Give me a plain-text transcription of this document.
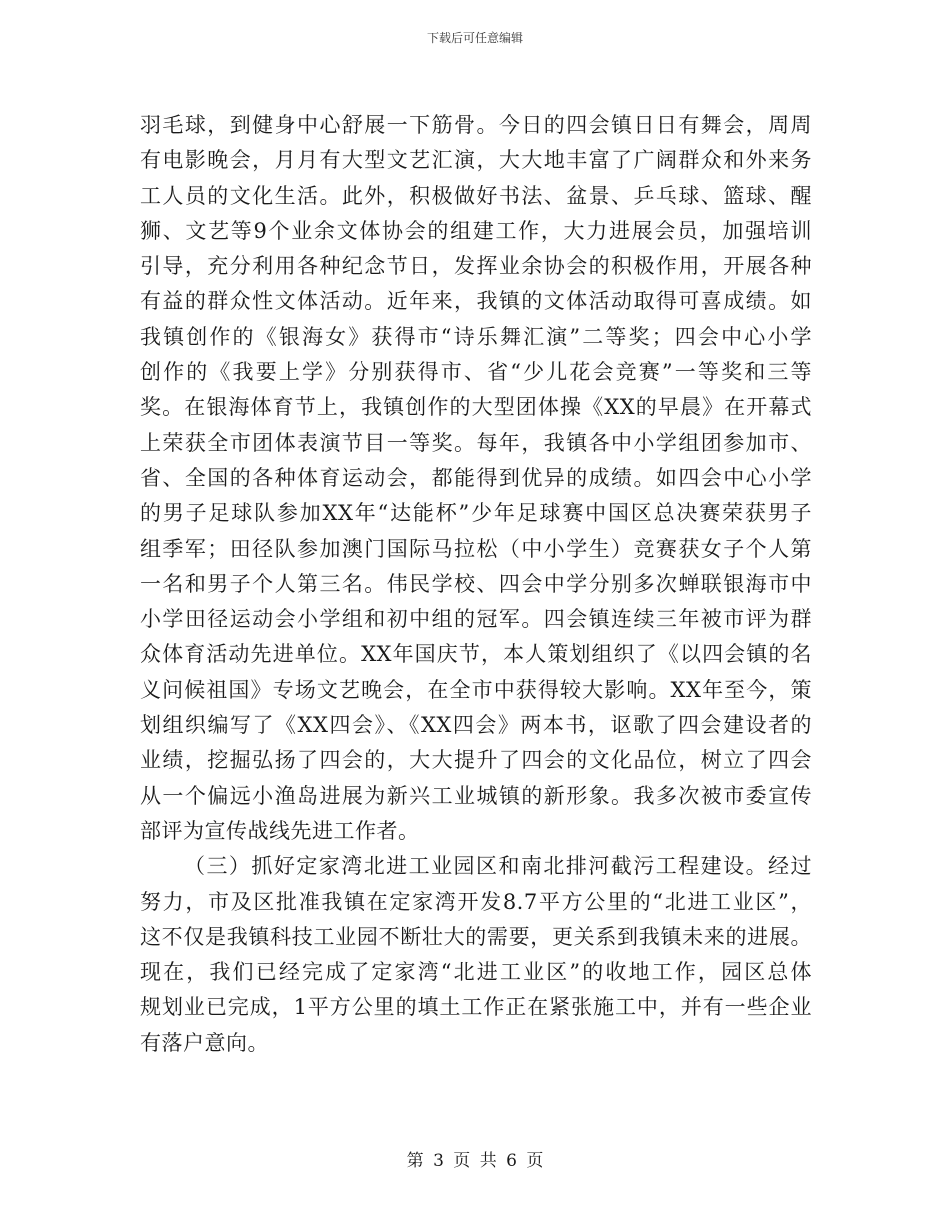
下载后可任意编辑
羽毛球，到健身中心舒展一下筋骨。今日的四会镇日日有舞会，周周
有电影晚会，月月有大型文艺汇演，大大地丰富了广阔群众和外来务
工人员的文化生活。此外，积极做好书法、盆景、乒乓球、篮球、醒
狮、文艺等9个业余文体协会的组建工作，大力进展会员，加强培训
引导，充分利用各种纪念节日，发挥业余协会的积极作用，开展各种
有益的群众性文体活动。近年来，我镇的文体活动取得可喜成绩。如
我镇创作的《银海女》获得市“诗乐舞汇演”二等奖；四会中心小学
创作的《我要上学》分别获得市、省“少儿花会竞赛”一等奖和三等
奖。在银海体育节上，我镇创作的大型团体操《XX的早晨》在开幕式
上荣获全市团体表演节目一等奖。每年，我镇各中小学组团参加市、
省、全国的各种体育运动会，都能得到优异的成绩。如四会中心小学
的男子足球队参加XX年“达能杯”少年足球赛中国区总决赛荣获男子
组季军；田径队参加澳门国际马拉松（中小学生）竞赛获女子个人第
一名和男子个人第三名。伟民学校、四会中学分别多次蝉联银海市中
小学田径运动会小学组和初中组的冠军。四会镇连续三年被市评为群
众体育活动先进单位。XX年国庆节，本人策划组织了《以四会镇的名
义问候祖国》专场文艺晚会，在全市中获得较大影响。XX年至今，策
划组织编写了《XX四会》、《XX四会》两本书，讴歌了四会建设者的
业绩，挖掘弘扬了四会的，大大提升了四会的文化品位，树立了四会
从一个偏远小渔岛进展为新兴工业城镇的新形象。我多次被市委宣传
部评为宣传战线先进工作者。
（三）抓好定家湾北进工业园区和南北排河截污工程建设。经过
努力，市及区批准我镇在定家湾开发8.7平方公里的“北进工业区”，
这不仅是我镇科技工业园不断壮大的需要，更关系到我镇未来的进展。
现在，我们已经完成了定家湾“北进工业区”的收地工作，园区总体
规划业已完成，1平方公里的填土工作正在紧张施工中，并有一些企业
有落户意向。
第 3 页 共 6 页
